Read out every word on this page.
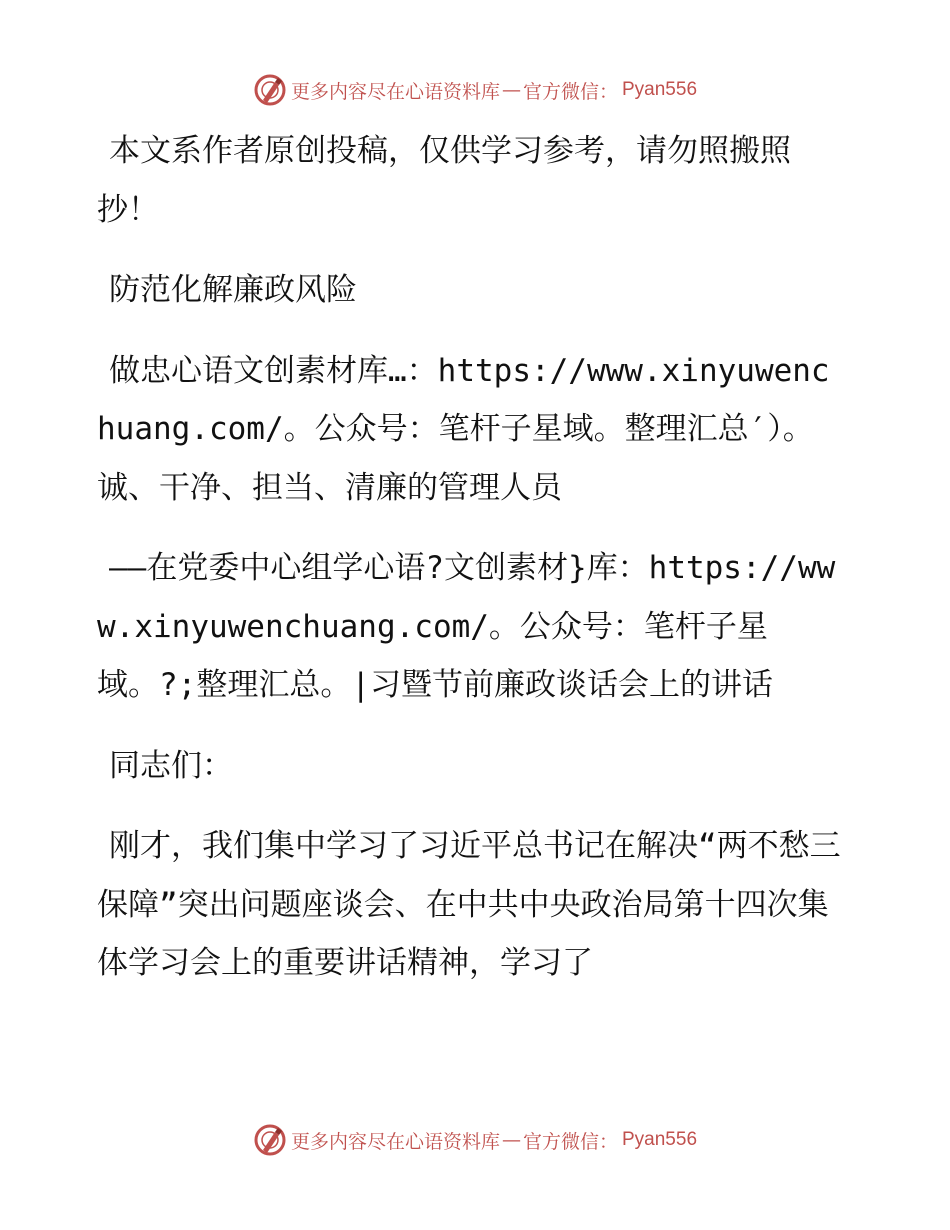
更多内容尽在心语资料库 — 官方微信： Pyan556

本文系作者原创投稿，仅供学习参考，请勿照搬照抄！

防范化解廉政风险

做忠心语文创素材库…：https://www.xinyuwenchuang.com/。公众号：笔杆子星域。整理汇总′）。诚、干净、担当、清廉的管理人员

——在党委中心组学心语?文创素材}库：https://www.xinyuwenchuang.com/。公众号：笔杆子星域。?;整理汇总。|习暨节前廉政谈话会上的讲话

同志们：

刚才，我们集中学习了习近平总书记在解决“两不愁三保障”突出问题座谈会、在中共中央政治局第十四次集体学习会上的重要讲话精神，学习了

更多内容尽在心语资料库 — 官方微信： Pyan556
